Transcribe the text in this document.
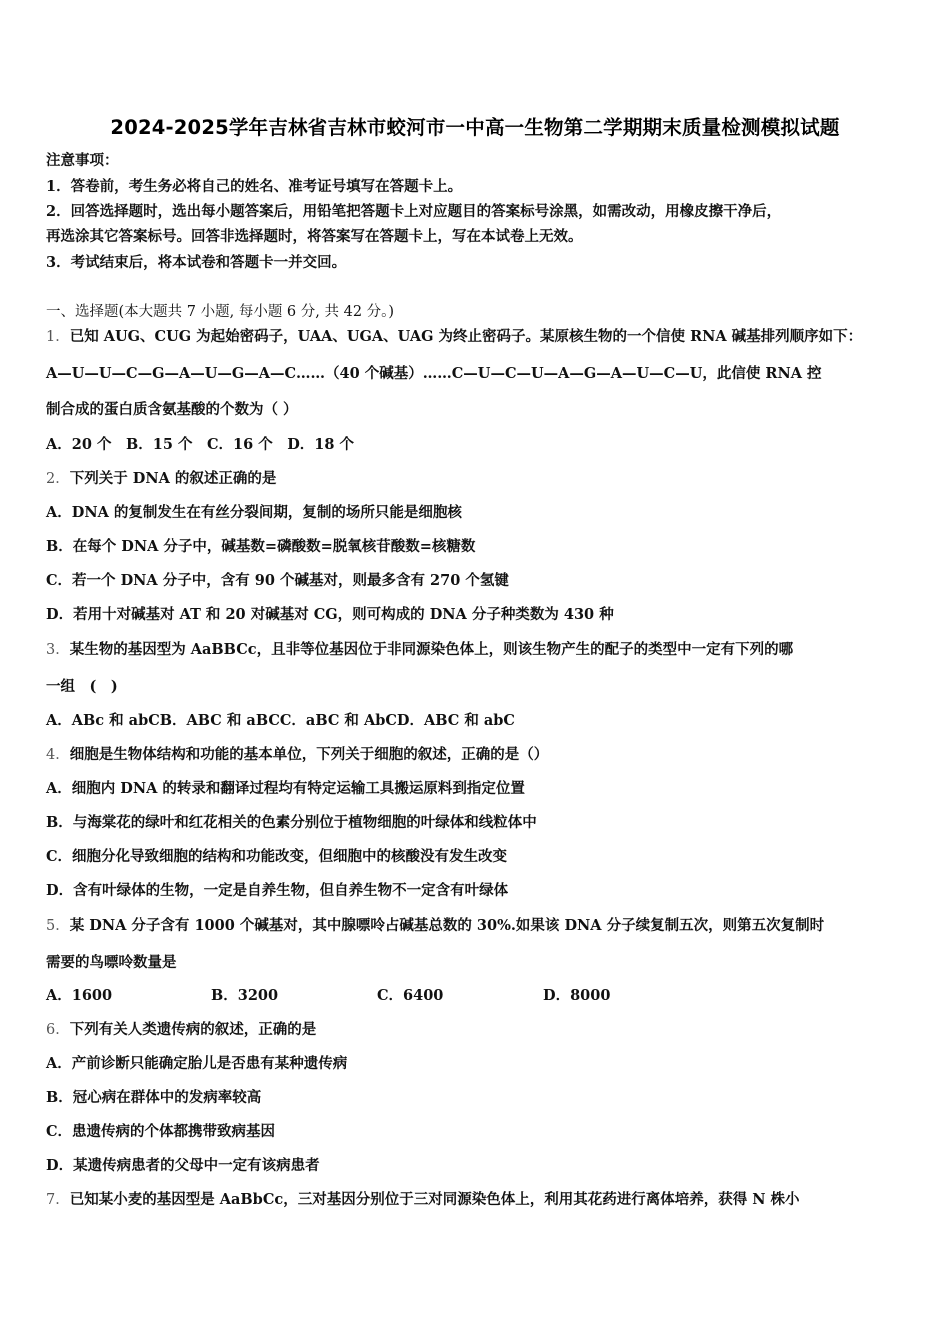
2024-2025学年吉林省吉林市蛟河市一中高一生物第二学期期末质量检测模拟试题
注意事项：
1．答卷前，考生务必将自己的姓名、准考证号填写在答题卡上。
2．回答选择题时，选出每小题答案后，用铅笔把答题卡上对应题目的答案标号涂黑，如需改动，用橡皮擦干净后，
再选涂其它答案标号。回答非选择题时，将答案写在答题卡上，写在本试卷上无效。
3．考试结束后，将本试卷和答题卡一并交回。
一、选择题(本大题共 7 小题, 每小题 6 分, 共 42 分。)
1．已知 AUG、CUG 为起始密码子，UAA、UGA、UAG 为终止密码子。某原核生物的一个信使 RNA 碱基排列顺序如下：
A—U—U—C—G—A—U—G—A—C……（40 个碱基）……C—U—C—U—A—G—A—U—C—U，此信使 RNA 控
制合成的蛋白质含氨基酸的个数为（ ）
A．20 个　B．15 个　C．16 个　D．18 个
2．下列关于 DNA 的叙述正确的是
A．DNA 的复制发生在有丝分裂间期，复制的场所只能是细胞核
B．在每个 DNA 分子中，碱基数=磷酸数=脱氧核苷酸数=核糖数
C．若一个 DNA 分子中，含有 90 个碱基对，则最多含有 270 个氢键
D．若用十对碱基对 AT 和 20 对碱基对 CG，则可构成的 DNA 分子种类数为 430 种
3．某生物的基因型为 AaBBCc，且非等位基因位于非同源染色体上，则该生物产生的配子的类型中一定有下列的哪
一组　(　)
A．ABc 和 abCB．ABC 和 aBCC．aBC 和 AbCD．ABC 和 abC
4．细胞是生物体结构和功能的基本单位，下列关于细胞的叙述，正确的是（）
A．细胞内 DNA 的转录和翻译过程均有特定运输工具搬运原料到指定位置
B．与海棠花的绿叶和红花相关的色素分别位于植物细胞的叶绿体和线粒体中
C．细胞分化导致细胞的结构和功能改变，但细胞中的核酸没有发生改变
D．含有叶绿体的生物，一定是自养生物，但自养生物不一定含有叶绿体
5．某 DNA 分子含有 1000 个碱基对，其中腺嘌呤占碱基总数的 30%.如果该 DNA 分子续复制五次，则第五次复制时
需要的鸟嘌呤数量是
A．1600	B．3200	C．6400	D．8000
6．下列有关人类遗传病的叙述，正确的是
A．产前诊断只能确定胎儿是否患有某种遗传病
B．冠心病在群体中的发病率较高
C．患遗传病的个体都携带致病基因
D．某遗传病患者的父母中一定有该病患者
7．已知某小麦的基因型是 AaBbCc，三对基因分别位于三对同源染色体上，利用其花药进行离体培养，获得 N 株小
